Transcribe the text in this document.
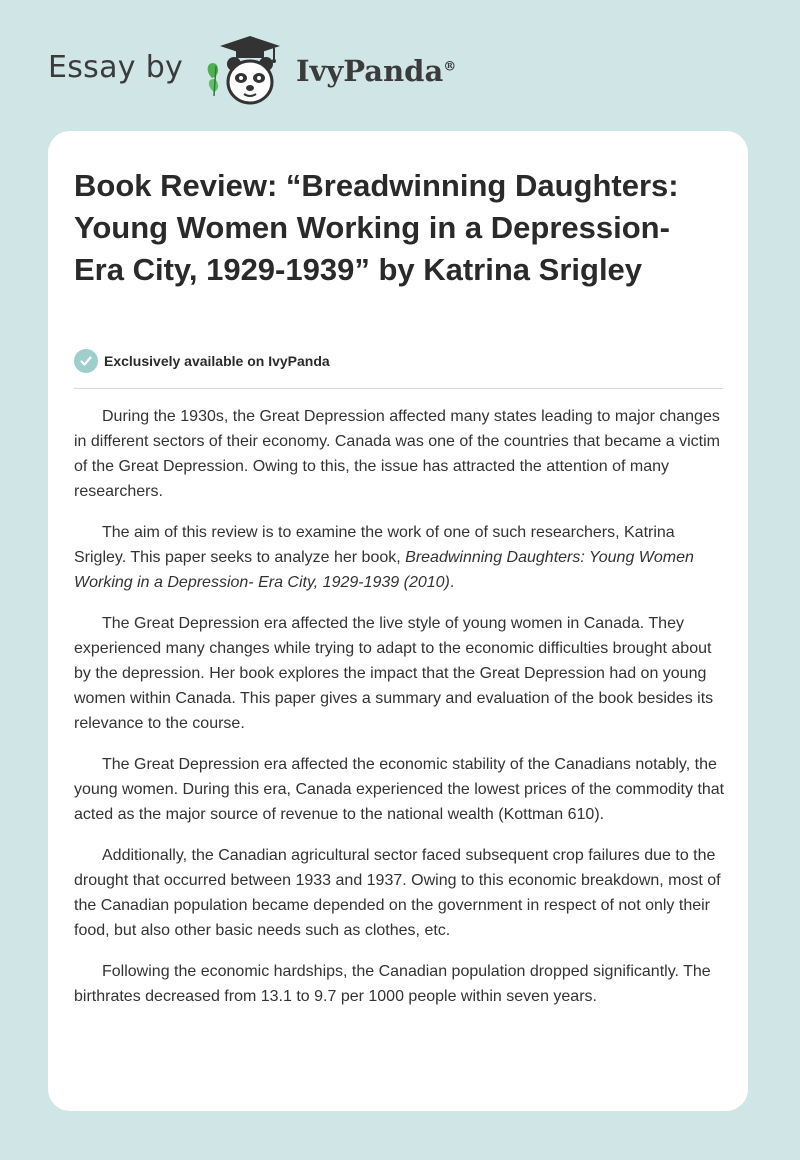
Essay by	IvyPanda®
Book Review: “Breadwinning Daughters: Young Women Working in a Depression- Era City, 1929-1939” by Katrina Srigley
Exclusively available on IvyPanda

During the 1930s, the Great Depression affected many states leading to major changes in different sectors of their economy. Canada was one of the countries that became a victim of the Great Depression. Owing to this, the issue has attracted the attention of many researchers.

The aim of this review is to examine the work of one of such researchers, Katrina Srigley. This paper seeks to analyze her book, Breadwinning Daughters: Young Women Working in a Depression- Era City, 1929-1939 (2010).

The Great Depression era affected the live style of young women in Canada. They experienced many changes while trying to adapt to the economic difficulties brought about by the depression. Her book explores the impact that the Great Depression had on young women within Canada. This paper gives a summary and evaluation of the book besides its relevance to the course.

The Great Depression era affected the economic stability of the Canadians notably, the young women. During this era, Canada experienced the lowest prices of the commodity that acted as the major source of revenue to the national wealth (Kottman 610).

Additionally, the Canadian agricultural sector faced subsequent crop failures due to the drought that occurred between 1933 and 1937. Owing to this economic breakdown, most of the Canadian population became depended on the government in respect of not only their food, but also other basic needs such as clothes, etc.

Following the economic hardships, the Canadian population dropped significantly. The birthrates decreased from 13.1 to 9.7 per 1000 people within seven years.
